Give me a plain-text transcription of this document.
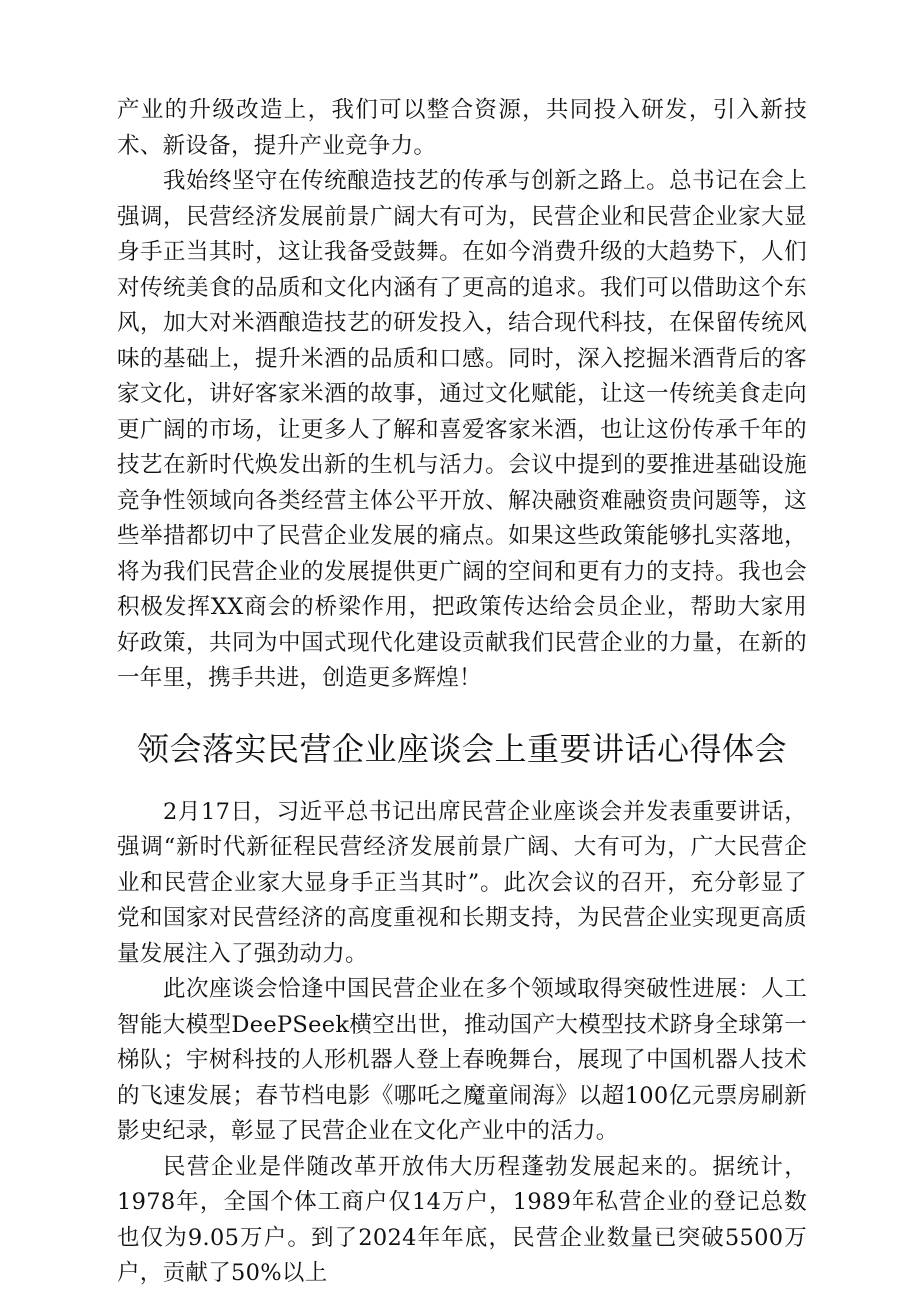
产业的升级改造上，我们可以整合资源，共同投入研发，引入新技术、新设备，提升产业竞争力。

我始终坚守在传统酿造技艺的传承与创新之路上。总书记在会上强调，民营经济发展前景广阔大有可为，民营企业和民营企业家大显身手正当其时，这让我备受鼓舞。在如今消费升级的大趋势下，人们对传统美食的品质和文化内涵有了更高的追求。我们可以借助这个东风，加大对米酒酿造技艺的研发投入，结合现代科技，在保留传统风味的基础上，提升米酒的品质和口感。同时，深入挖掘米酒背后的客家文化，讲好客家米酒的故事，通过文化赋能，让这一传统美食走向更广阔的市场，让更多人了解和喜爱客家米酒，也让这份传承千年的技艺在新时代焕发出新的生机与活力。会议中提到的要推进基础设施竞争性领域向各类经营主体公平开放、解决融资难融资贵问题等，这些举措都切中了民营企业发展的痛点。如果这些政策能够扎实落地，将为我们民营企业的发展提供更广阔的空间和更有力的支持。我也会积极发挥XX商会的桥梁作用，把政策传达给会员企业，帮助大家用好政策，共同为中国式现代化建设贡献我们民营企业的力量，在新的一年里，携手共进，创造更多辉煌！

领会落实民营企业座谈会上重要讲话心得体会

2月17日，习近平总书记出席民营企业座谈会并发表重要讲话，强调“新时代新征程民营经济发展前景广阔、大有可为，广大民营企业和民营企业家大显身手正当其时”。此次会议的召开，充分彰显了党和国家对民营经济的高度重视和长期支持，为民营企业实现更高质量发展注入了强劲动力。

此次座谈会恰逢中国民营企业在多个领域取得突破性进展：人工智能大模型DeePSeek横空出世，推动国产大模型技术跻身全球第一梯队；宇树科技的人形机器人登上春晚舞台，展现了中国机器人技术的飞速发展；春节档电影《哪吒之魔童闹海》以超100亿元票房刷新影史纪录，彰显了民营企业在文化产业中的活力。

民营企业是伴随改革开放伟大历程蓬勃发展起来的。据统计，1978年，全国个体工商户仅14万户，1989年私营企业的登记总数也仅为9.05万户。到了2024年年底，民营企业数量已突破5500万户，贡献了50%以上
